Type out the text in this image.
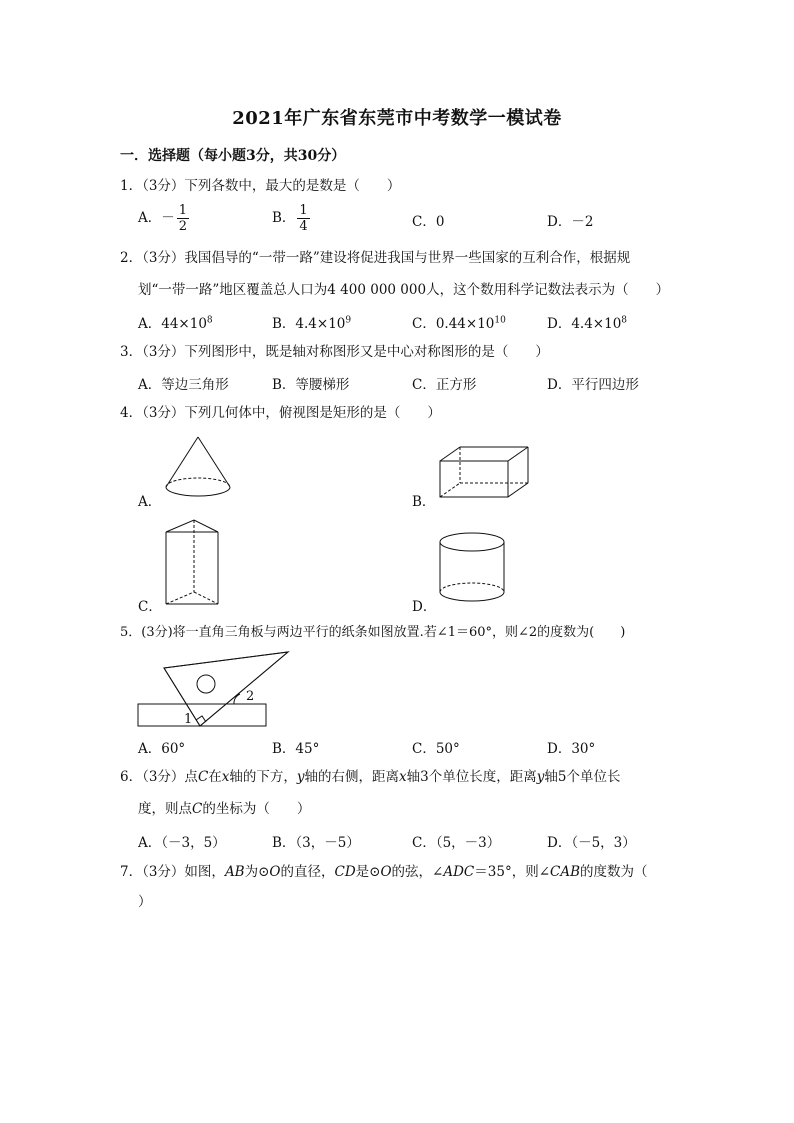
2021年广东省东莞市中考数学一模试卷
一．选择题（每小题3分，共30分）
1．（3分）下列各数中，最大的是数是（　　）
A．－ $\frac{1}{2}$	B． $\frac{1}{4}$	C．0	D．－2
2．（3分）我国倡导的“一带一路”建设将促进我国与世界一些国家的互利合作，根据规
划“一带一路”地区覆盖总人口为4 400 000 000人，这个数用科学记数法表示为（　　）
A．$44\times 10^8$	B．$4.4\times 10^9$	C．$0.44\times 10^{10}$	D．$4.4\times 10^8$
3．（3分）下列图形中，既是轴对称图形又是中心对称图形的是（　　）
A．等边三角形	B．等腰梯形	C．正方形	D．平行四边形
4．（3分）下列几何体中，俯视图是矩形的是（　　）
A．	B．
C．	D．
5．(3分)将一直角三角板与两边平行的纸条如图放置.若∠1＝60°，则∠2的度数为(　　)
1
2
A．60°	B．45°	C．50°	D．30°
6．（3分）点C在x轴的下方，y轴的右侧，距离x轴3个单位长度，距离y轴5个单位长
度，则点C的坐标为（　　）
A．（－3，5）	B．（3，－5）	C．（5，－3）	D．（－5，3）
7．（3分）如图，AB为⊙O的直径，CD是⊙O的弦，∠ADC＝35°，则∠CAB的度数为（
）
